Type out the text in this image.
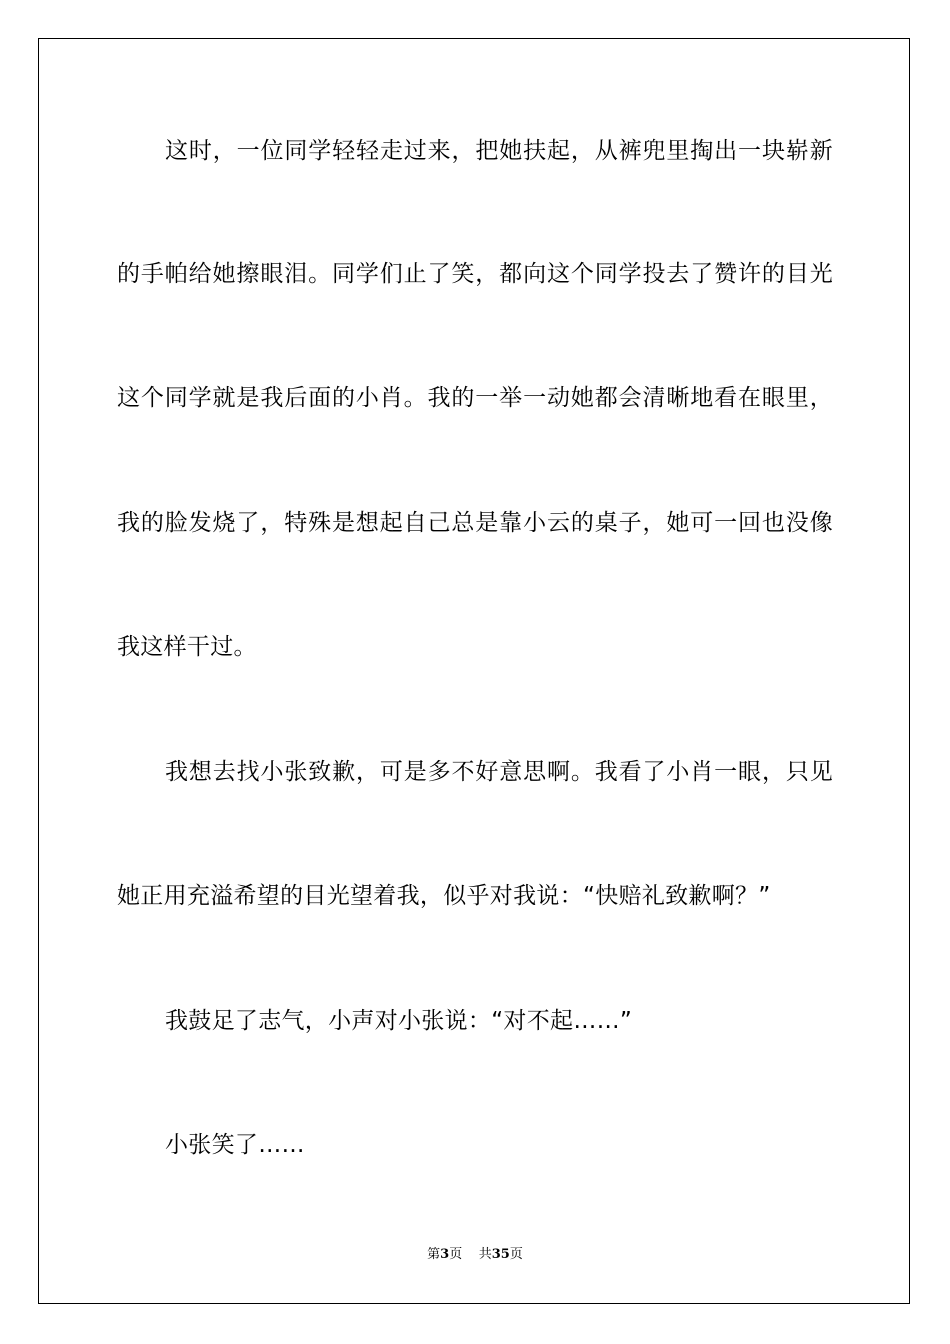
这时，一位同学轻轻走过来，把她扶起，从裤兜里掏出一块崭新
的手帕给她擦眼泪。同学们止了笑，都向这个同学投去了赞许的目光
这个同学就是我后面的小肖。我的一举一动她都会清晰地看在眼里，
我的脸发烧了，特殊是想起自己总是靠小云的桌子，她可一回也没像
我这样干过。
我想去找小张致歉，可是多不好意思啊。我看了小肖一眼，只见
她正用充溢希望的目光望着我，似乎对我说：“快赔礼致歉啊？”
我鼓足了志气，小声对小张说：“对不起……”
小张笑了……
第3页 共35页
